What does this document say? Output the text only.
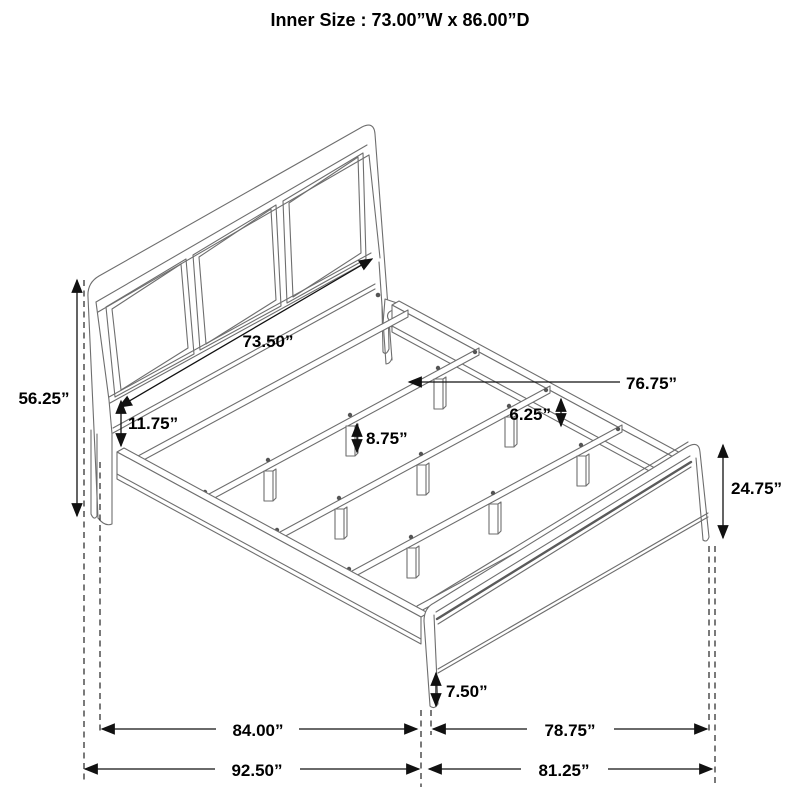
Inner Size : 73.00”W x 86.00”D
73.50”
76.75”
56.25”
11.75”
8.75”
6.25”
24.75”
7.50”
84.00”	78.75”
92.50”	81.25”
